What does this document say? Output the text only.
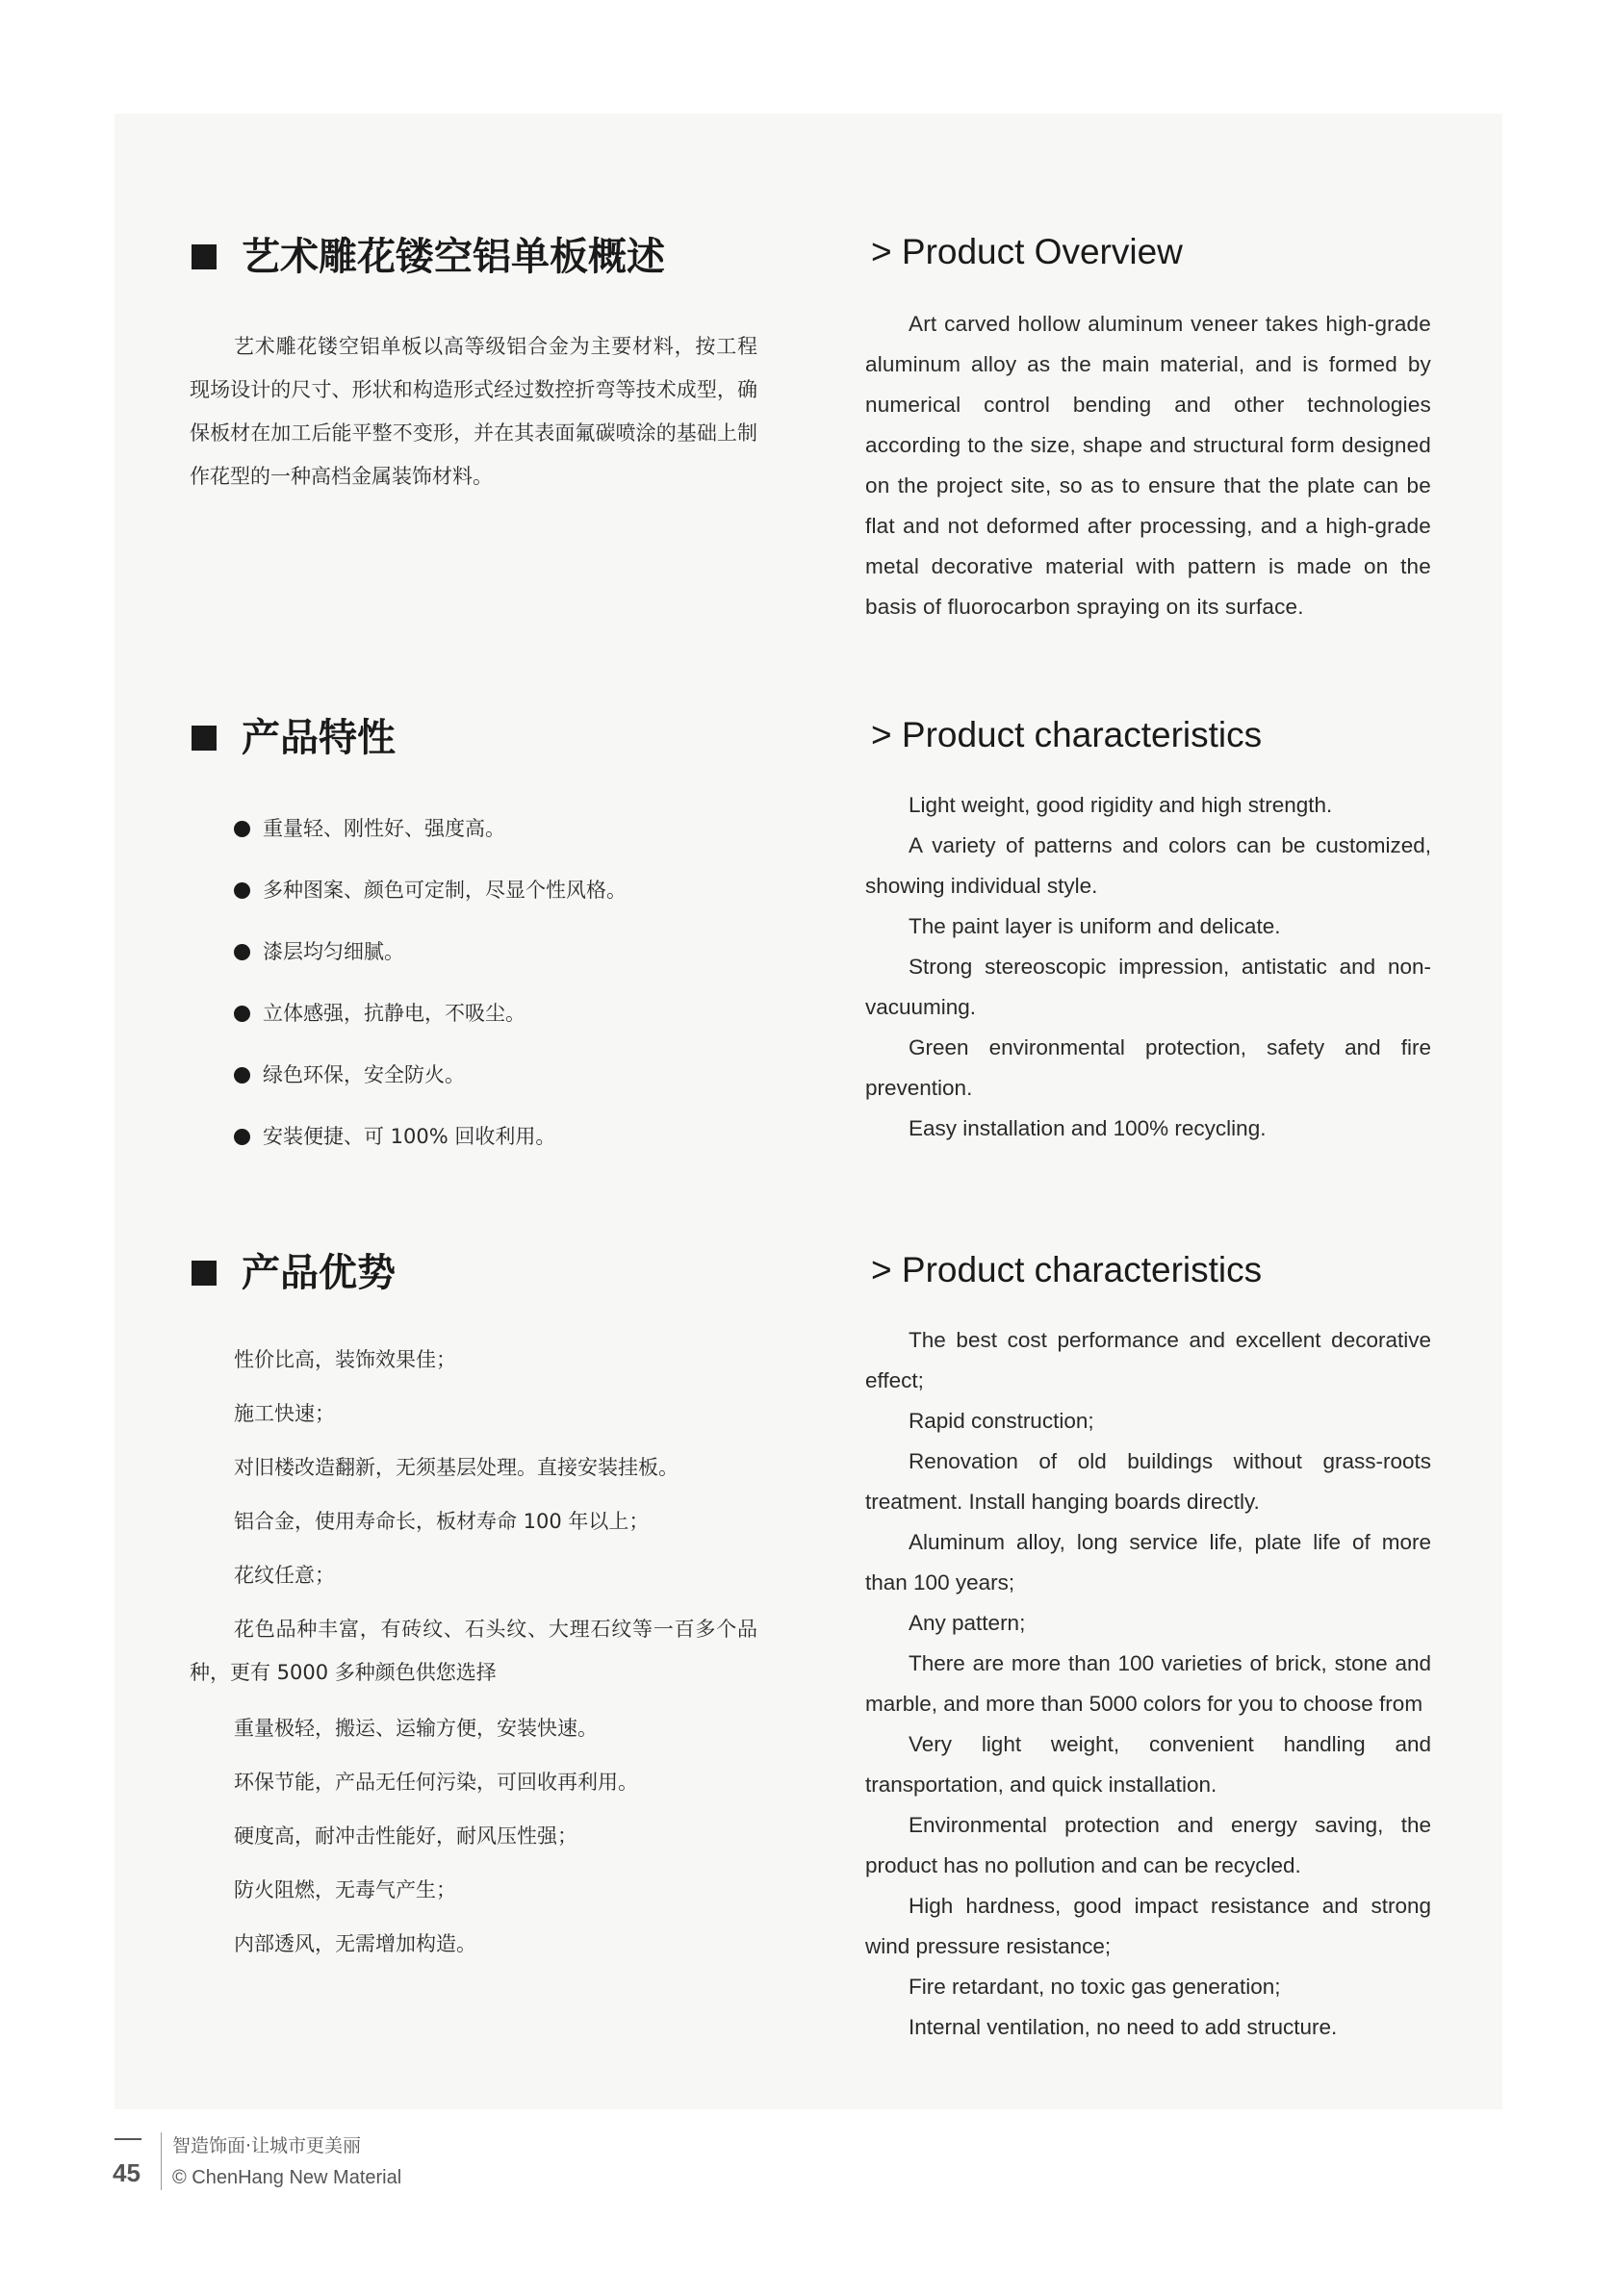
艺术雕花镂空铝单板概述	> Product Overview

艺术雕花镂空铝单板以高等级铝合金为主要材料，按工程现场设计的尺寸、形状和构造形式经过数控折弯等技术成型，确保板材在加工后能平整不变形，并在其表面氟碳喷涂的基础上制作花型的一种高档金属装饰材料。

Art carved hollow aluminum veneer takes high-grade aluminum alloy as the main material, and is formed by numerical control bending and other technologies according to the size, shape and structural form designed on the project site, so as to ensure that the plate can be flat and not deformed after processing, and a high-grade metal decorative material with pattern is made on the basis of fluorocarbon spraying on its surface.

产品特性	> Product characteristics
重量轻、刚性好、强度高。
多种图案、颜色可定制，尽显个性风格。
漆层均匀细腻。
立体感强，抗静电，不吸尘。
绿色环保，安全防火。
安装便捷、可 100% 回收利用。

Light weight, good rigidity and high strength.

A variety of patterns and colors can be customized, showing individual style.

The paint layer is uniform and delicate.

Strong stereoscopic impression, antistatic and non-vacuuming.

Green environmental protection, safety and fire prevention.

Easy installation and 100% recycling.

产品优势	> Product characteristics

性价比高，装饰效果佳；

施工快速；

对旧楼改造翻新，无须基层处理。直接安装挂板。

铝合金，使用寿命长，板材寿命 100 年以上；

花纹任意；

花色品种丰富，有砖纹、石头纹、大理石纹等一百多个品种，更有 5000 多种颜色供您选择

重量极轻，搬运、运输方便，安装快速。

环保节能，产品无任何污染，可回收再利用。

硬度高，耐冲击性能好，耐风压性强；

防火阻燃，无毒气产生；

内部透风，无需增加构造。

The best cost performance and excellent decorative effect;

Rapid construction;

Renovation of old buildings without grass-roots treatment. Install hanging boards directly.

Aluminum alloy, long service life, plate life of more than 100 years;

Any pattern;

There are more than 100 varieties of brick, stone and marble, and more than 5000 colors for you to choose from

Very light weight, convenient handling and transportation, and quick installation.

Environmental protection and energy saving, the product has no pollution and can be recycled.

High hardness, good impact resistance and strong wind pressure resistance;

Fire retardant, no toxic gas generation;

Internal ventilation, no need to add structure.

45
智造饰面·让城市更美丽
© ChenHang New Material
